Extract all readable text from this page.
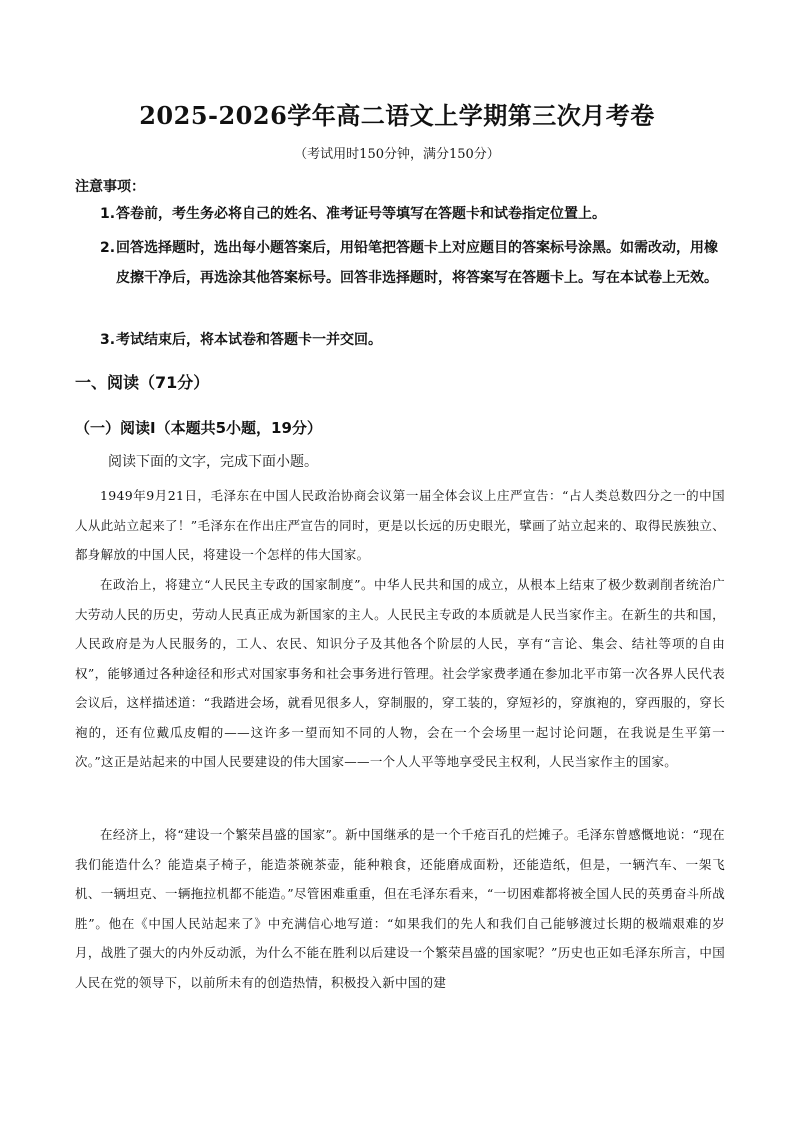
2025-2026学年高二语文上学期第三次月考卷
（考试用时150分钟，满分150分）
注意事项：
1. 答卷前，考生务必将自己的姓名、准考证号等填写在答题卡和试卷指定位置上。
2. 回答选择题时，选出每小题答案后，用铅笔把答题卡上对应题目的答案标号涂黑。如需改动，用橡皮擦干净后，再选涂其他答案标号。回答非选择题时，将答案写在答题卡上。写在本试卷上无效。
3. 考试结束后，将本试卷和答题卡一并交回。
一、阅读（71分）
（一）阅读Ⅰ（本题共5小题，19分）
阅读下面的文字，完成下面小题。
1949年9月21日，毛泽东在中国人民政治协商会议第一届全体会议上庄严宣告：“占人类总数四分之一的中国人从此站立起来了！”毛泽东在作出庄严宣告的同时，更是以长远的历史眼光，擘画了站立起来的、取得民族独立、都身解放的中国人民，将建设一个怎样的伟大国家。
在政治上，将建立“人民民主专政的国家制度”。中华人民共和国的成立，从根本上结束了极少数剥削者统治广大劳动人民的历史，劳动人民真正成为新国家的主人。人民民主专政的本质就是人民当家作主。在新生的共和国，人民政府是为人民服务的，工人、农民、知识分子及其他各个阶层的人民，享有“言论、集会、结社等项的自由权”，能够通过各种途径和形式对国家事务和社会事务进行管理。社会学家费孝通在参加北平市第一次各界人民代表会议后，这样描述道：“我踏进会场，就看见很多人，穿制服的，穿工装的，穿短衫的，穿旗袍的，穿西服的，穿长袍的，还有位戴瓜皮帽的——这许多一望而知不同的人物，会在一个会场里一起讨论问题，在我说是生平第一次。”这正是站起来的中国人民要建设的伟大国家——一个人人平等地享受民主权利，人民当家作主的国家。
在经济上，将“建设一个繁荣昌盛的国家”。新中国继承的是一个千疮百孔的烂摊子。毛泽东曾感慨地说：“现在我们能造什么？能造桌子椅子，能造茶碗茶壶，能种粮食，还能磨成面粉，还能造纸，但是，一辆汽车、一架飞机、一辆坦克、一辆拖拉机都不能造。”尽管困难重重，但在毛泽东看来，“一切困难都将被全国人民的英勇奋斗所战胜”。他在《中国人民站起来了》中充满信心地写道：“如果我们的先人和我们自己能够渡过长期的极端艰难的岁月，战胜了强大的内外反动派，为什么不能在胜利以后建设一个繁荣昌盛的国家呢？”历史也正如毛泽东所言，中国人民在党的领导下，以前所未有的创造热情，积极投入新中国的建
